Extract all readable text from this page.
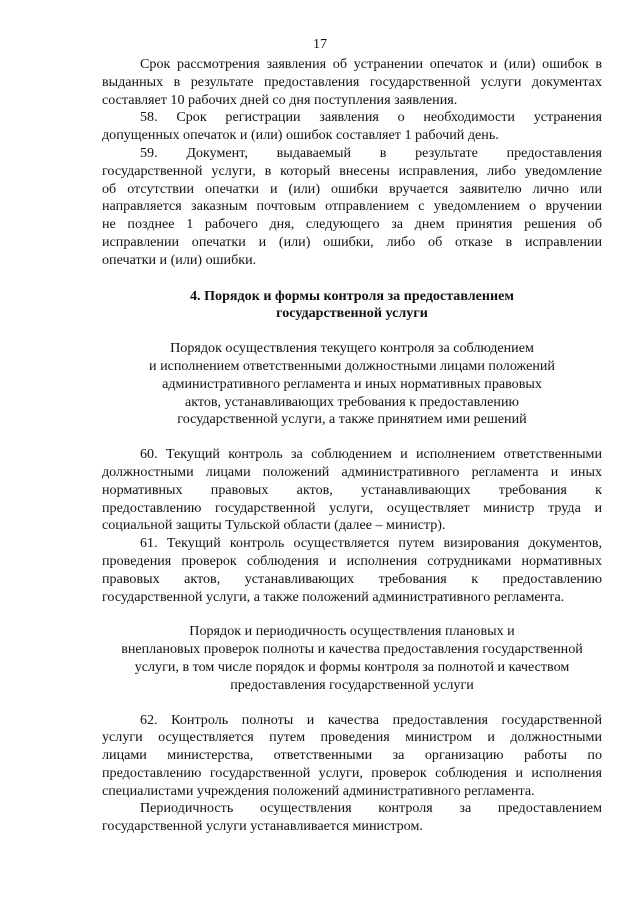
17

Срок рассмотрения заявления об устранении опечаток и (или) ошибок в

выданных в результате предоставления государственной услуги документах

составляет 10 рабочих дней со дня поступления заявления.

58. Срок регистрации заявления о необходимости устранения

допущенных опечаток и (или) ошибок составляет 1 рабочий день.

59. Документ, выдаваемый в результате предоставления

государственной услуги, в который внесены исправления, либо уведомление

об отсутствии опечатки и (или) ошибки вручается заявителю лично или

направляется заказным почтовым отправлением с уведомлением о вручении

не позднее 1 рабочего дня, следующего за днем принятия решения об

исправлении опечатки и (или) ошибки, либо об отказе в исправлении

опечатки и (или) ошибки.

4. Порядок и формы контроля за предоставлением

государственной услуги

Порядок осуществления текущего контроля за соблюдением

и исполнением ответственными должностными лицами положений

административного регламента и иных нормативных правовых

актов, устанавливающих требования к предоставлению

государственной услуги, а также принятием ими решений

60. Текущий контроль за соблюдением и исполнением ответственными

должностными лицами положений административного регламента и иных

нормативных правовых актов, устанавливающих требования к

предоставлению государственной услуги, осуществляет министр труда и

социальной защиты Тульской области (далее – министр).

61. Текущий контроль осуществляется путем визирования документов,

проведения проверок соблюдения и исполнения сотрудниками нормативных

правовых актов, устанавливающих требования к предоставлению

государственной услуги, а также положений административного регламента.

Порядок и периодичность осуществления плановых и

внеплановых проверок полноты и качества предоставления государственной

услуги, в том числе порядок и формы контроля за полнотой и качеством

предоставления государственной услуги

62. Контроль полноты и качества предоставления государственной

услуги осуществляется путем проведения министром и должностными

лицами министерства, ответственными за организацию работы по

предоставлению государственной услуги, проверок соблюдения и исполнения

специалистами учреждения положений административного регламента.

Периодичность осуществления контроля за предоставлением

государственной услуги устанавливается министром.
